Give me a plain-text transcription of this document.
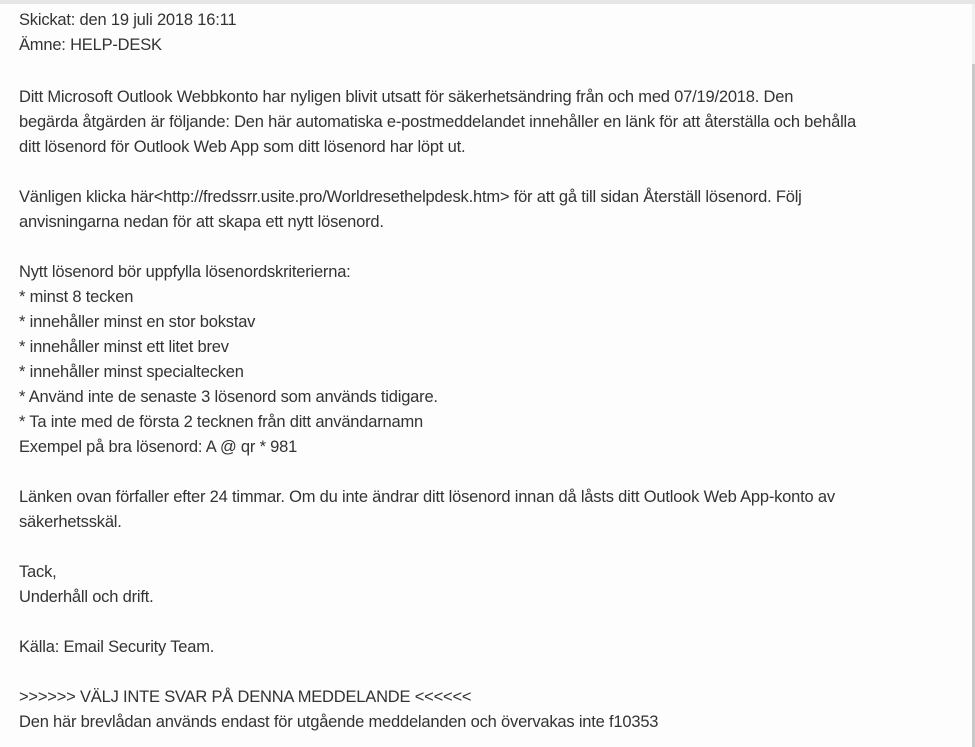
Skickat: den 19 juli 2018 16:11
Ämne: HELP-DESK
Ditt Microsoft Outlook Webbkonto har nyligen blivit utsatt för säkerhetsändring från och med 07/19/2018. Den
begärda åtgärden är följande: Den här automatiska e-postmeddelandet innehåller en länk för att återställa och behålla
ditt lösenord för Outlook Web App som ditt lösenord har löpt ut.
Vänligen klicka här<http://fredssrr.usite.pro/Worldresethelpdesk.htm> för att gå till sidan Återställ lösenord. Följ
anvisningarna nedan för att skapa ett nytt lösenord.
Nytt lösenord bör uppfylla lösenordskriterierna:
* minst 8 tecken
* innehåller minst en stor bokstav
* innehåller minst ett litet brev
* innehåller minst specialtecken
* Använd inte de senaste 3 lösenord som används tidigare.
* Ta inte med de första 2 tecknen från ditt användarnamn
Exempel på bra lösenord: A @ qr * 981
Länken ovan förfaller efter 24 timmar. Om du inte ändrar ditt lösenord innan då låsts ditt Outlook Web App-konto av
säkerhetsskäl.
Tack,
Underhåll och drift.
Källa: Email Security Team.
>>>>>> VÄLJ INTE SVAR PÅ DENNA MEDDELANDE <<<<<<
Den här brevlådan används endast för utgående meddelanden och övervakas inte f10353
